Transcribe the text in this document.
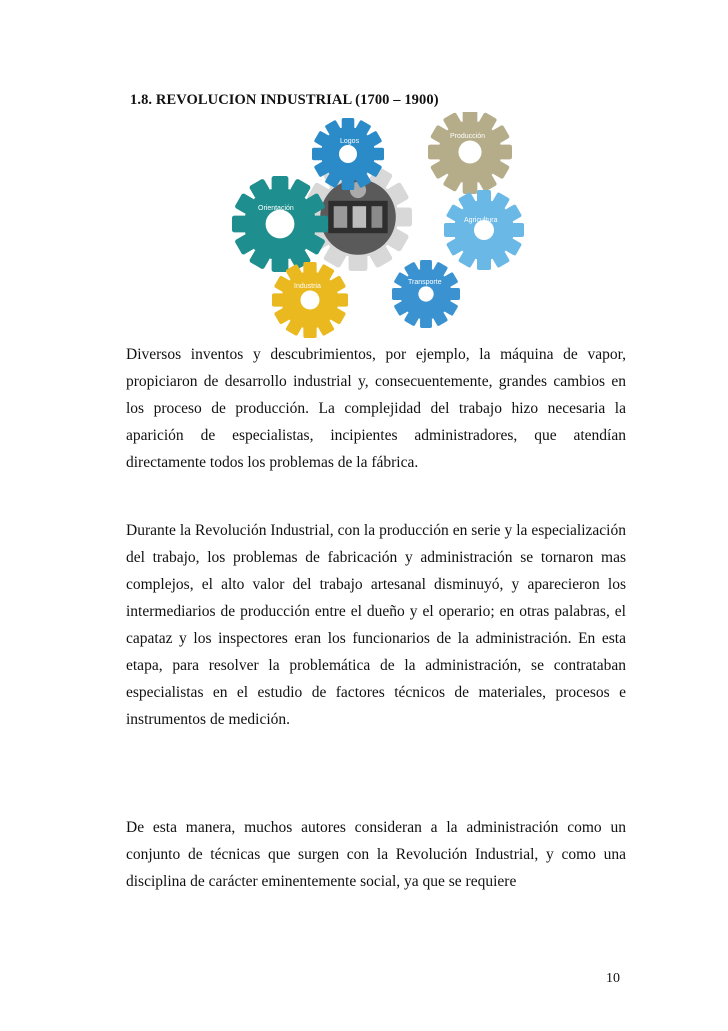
1.8. REVOLUCION INDUSTRIAL (1700 – 1900)
Logos
Producción
Orientación
Agricultura
Industria
Transporte

Diversos inventos y descubrimientos, por ejemplo, la máquina de vapor, propiciaron de desarrollo industrial y, consecuentemente, grandes cambios en los proceso de producción. La complejidad del trabajo hizo necesaria la aparición de especialistas, incipientes administradores, que atendían directamente todos los problemas de la fábrica.

Durante la Revolución Industrial, con la producción en serie y la especialización del trabajo, los problemas de fabricación y administración se tornaron mas complejos, el alto valor del trabajo artesanal disminuyó, y aparecieron los intermediarios de producción entre el dueño y el operario; en otras palabras, el capataz y los inspectores eran los funcionarios de la administración. En esta etapa, para resolver la problemática de la administración, se contrataban especialistas en el estudio de factores técnicos de materiales, procesos e instrumentos de medición.

De esta manera, muchos autores consideran a la administración como un conjunto de técnicas que surgen con la Revolución Industrial, y como una disciplina de carácter eminentemente social, ya que se requiere

10
